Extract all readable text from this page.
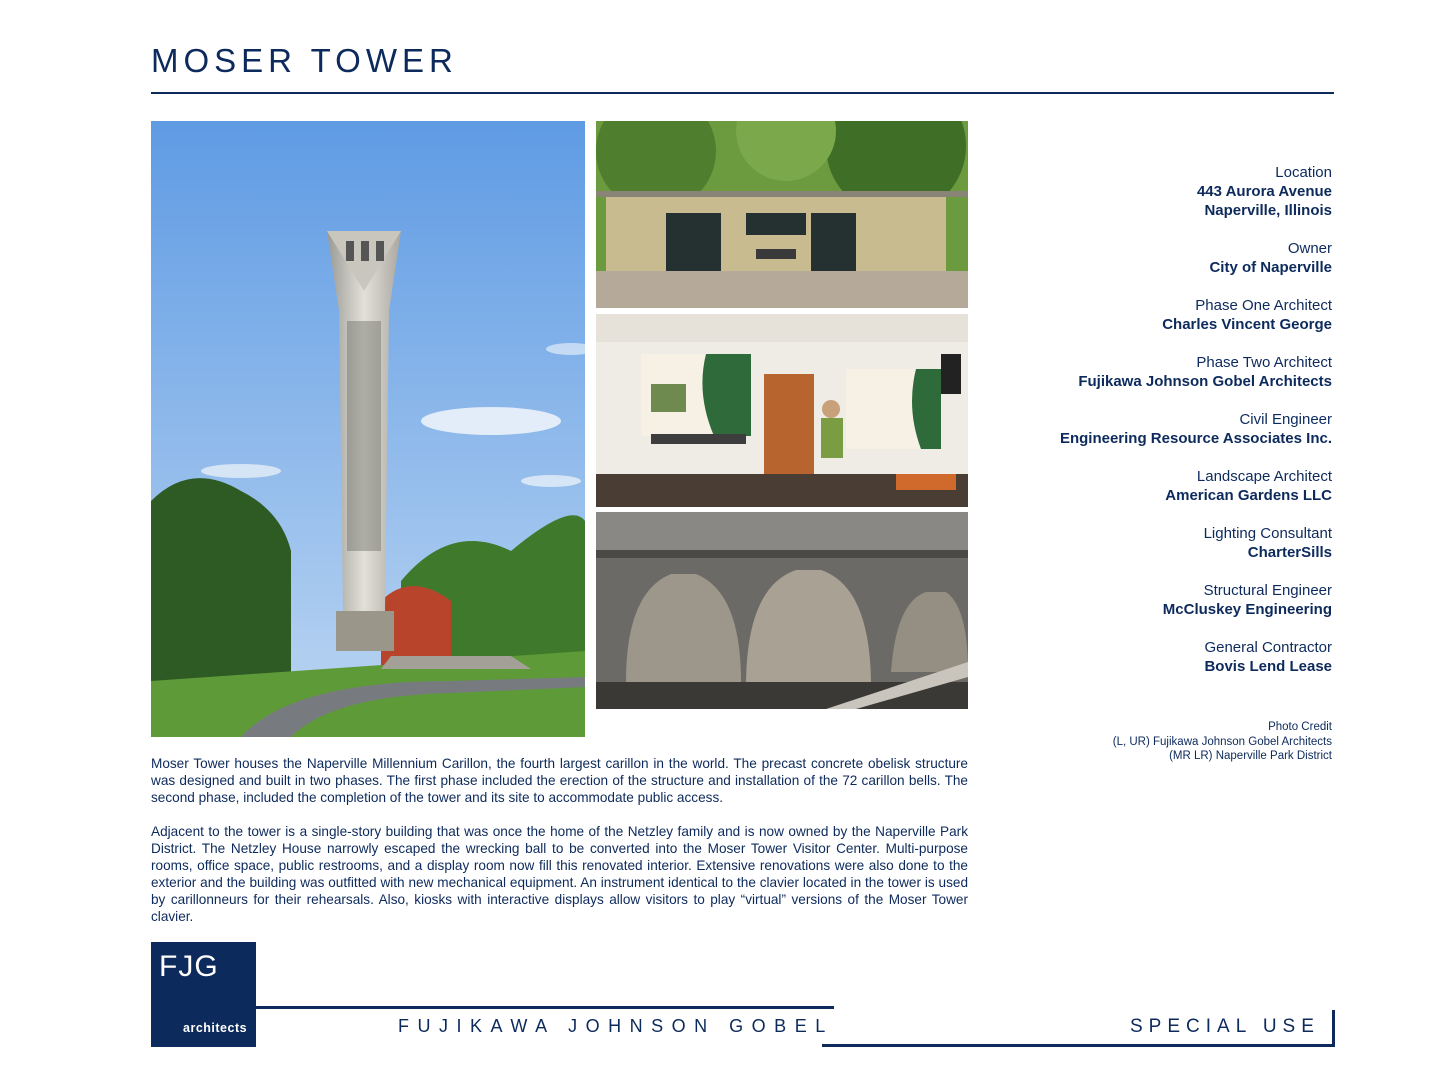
MOSER TOWER

Moser Tower houses the Naperville Millennium Carillon, the fourth largest carillon in the world. The precast concrete obelisk structure was designed and built in two phases. The first phase included the erection of the structure and installation of the 72 carillon bells. The second phase, included the completion of the tower and its site to accommodate public access.

Adjacent to the tower is a single-story building that was once the home of the Netzley family and is now owned by the Naperville Park District. The Netzley House narrowly escaped the wrecking ball to be converted into the Moser Tower Visitor Center. Multi-purpose rooms, office space, public restrooms, and a display room now fill this renovated interior. Extensive renovations were also done to the exterior and the building was outfitted with new mechanical equipment. An instrument identical to the clavier located in the tower is used by carillonneurs for their rehearsals. Also, kiosks with interactive displays allow visitors to play “virtual” versions of the Moser Tower clavier.

Location
443 Aurora Avenue
Naperville, Illinois
Owner
City of Naperville
Phase One Architect
Charles Vincent George
Phase Two Architect
Fujikawa Johnson Gobel Architects
Civil Engineer
Engineering Resource Associates Inc.
Landscape Architect
American Gardens LLC
Lighting Consultant
CharterSills
Structural Engineer
McCluskey Engineering
General Contractor
Bovis Lend Lease
Photo Credit
(L, UR) Fujikawa Johnson Gobel Architects
(MR LR) Naperville Park District
FJG
architects	FUJIKAWA JOHNSON GOBEL	SPECIAL USE
